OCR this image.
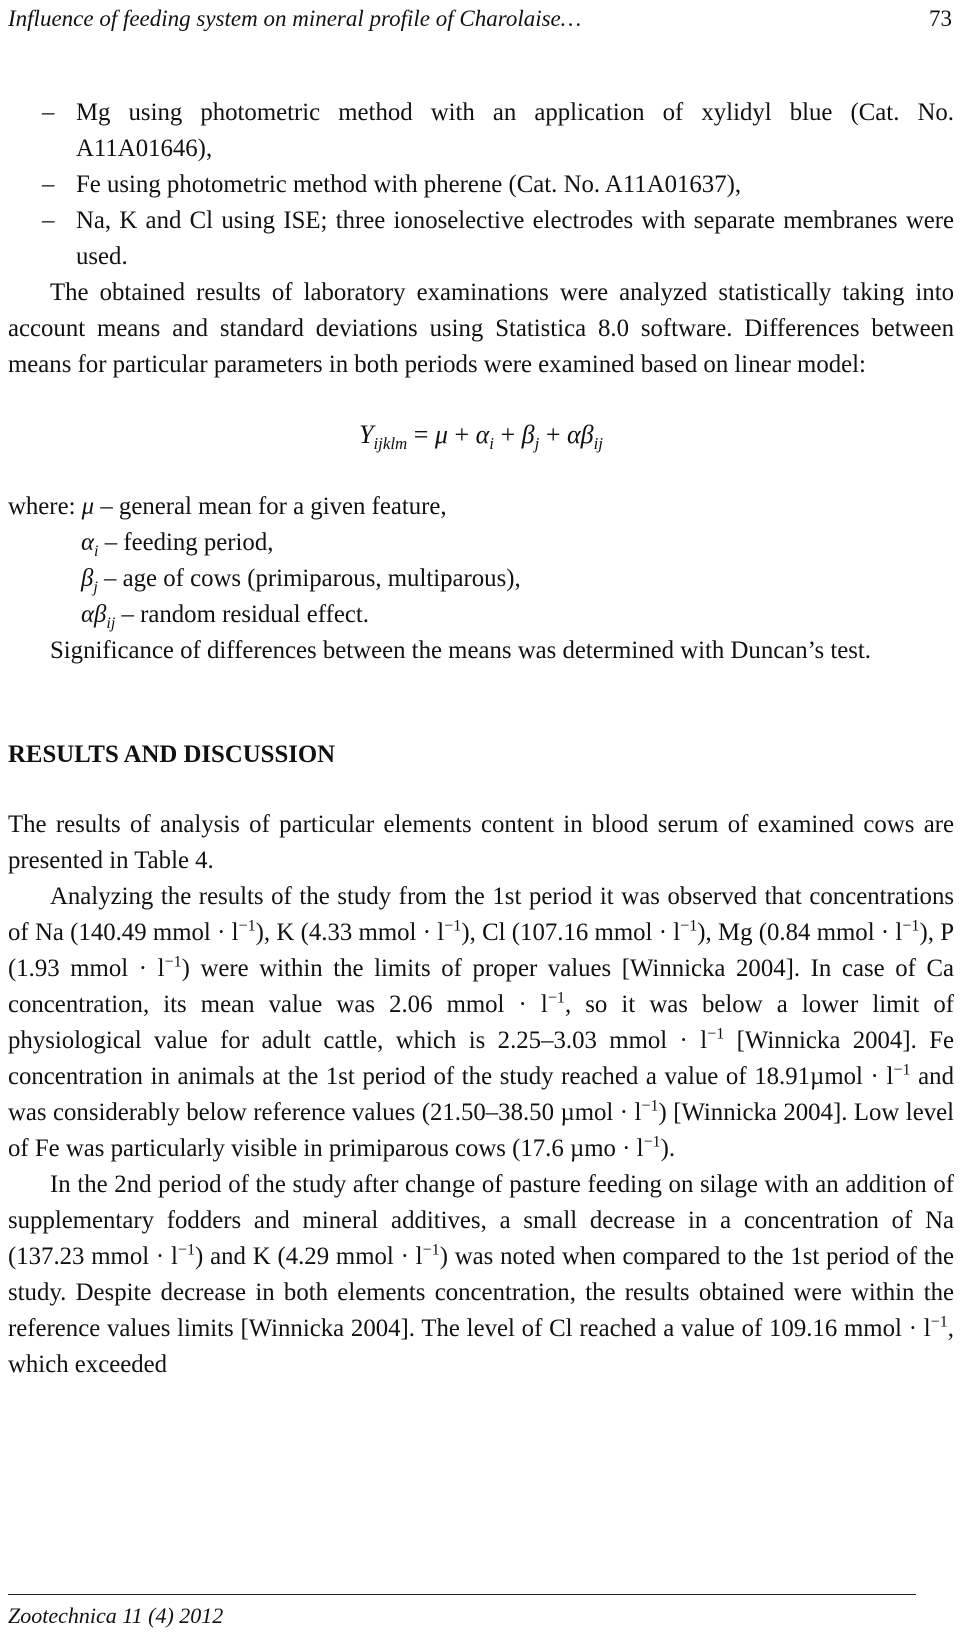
Influence of feeding system on mineral profile of Charolaise…	73
– Mg using photometric method with an application of xylidyl blue (Cat. No. A11A01646),
– Fe using photometric method with pherene (Cat. No. A11A01637),
– Na, K and Cl using ISE; three ionoselective electrodes with separate membranes were used.

The obtained results of laboratory examinations were analyzed statistically taking into account means and standard deviations using Statistica 8.0 software. Differences between means for particular parameters in both periods were examined based on linear model:

$Y_{ijklm} = \mu + \alpha_i + \beta_j + \alpha\beta_{ij}$
where: μ – general mean for a given feature,
$\alpha_i$ – feeding period,
$\beta_j$ – age of cows (primiparous, multiparous),
$\alpha\beta_{ij}$ – random residual effect.

Significance of differences between the means was determined with Duncan’s test.

RESULTS AND DISCUSSION

The results of analysis of particular elements content in blood serum of examined cows are presented in Table 4.

Analyzing the results of the study from the 1st period it was observed that concentrations of Na (140.49 mmol · $l^{-1}$), K (4.33 mmol · $l^{-1}$), Cl (107.16 mmol · $l^{-1}$), Mg (0.84 mmol · $l^{-1}$), P (1.93 mmol · $l^{-1}$) were within the limits of proper values [Winnicka 2004]. In case of Ca concentration, its mean value was 2.06 mmol · $l^{-1}$, so it was below a lower limit of physiological value for adult cattle, which is 2.25–3.03 mmol · $l^{-1}$ [Winnicka 2004]. Fe concentration in animals at the 1st period of the study reached a value of $18.91\mu mol \cdot l^{-1}$ and was considerably below reference values (21.50–38.50 $\mu mol \cdot l^{-1}$) [Winnicka 2004]. Low level of Fe was particularly visible in primiparous cows (17.6 $\mu mo \cdot l^{-1}$).

In the 2nd period of the study after change of pasture feeding on silage with an addition of supplementary fodders and mineral additives, a small decrease in a concentration of Na (137.23 mmol · $l^{-1}$) and K (4.29 mmol · $l^{-1}$) was noted when compared to the 1st period of the study. Despite decrease in both elements concentration, the results obtained were within the reference values limits [Winnicka 2004]. The level of Cl reached a value of 109.16 mmol · $l^{-1}$, which exceeded

Zootechnica 11 (4) 2012
